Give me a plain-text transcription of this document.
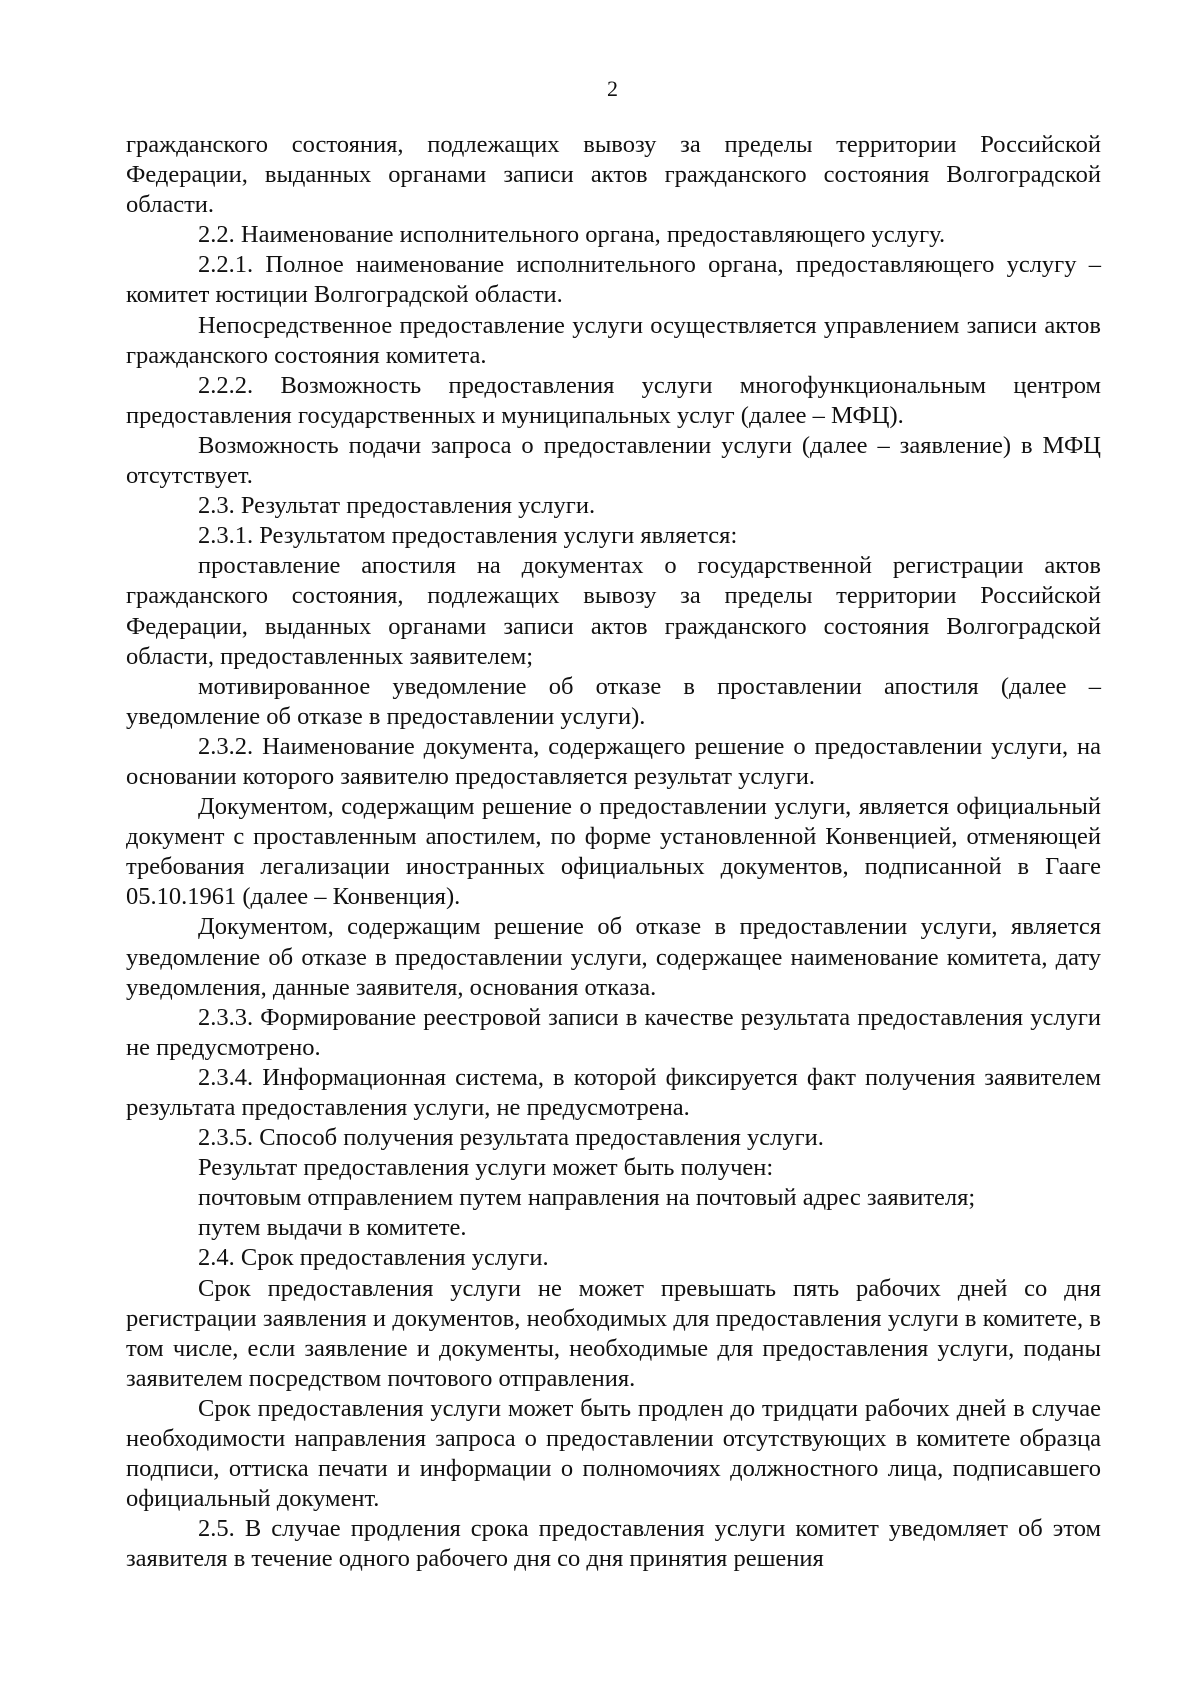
2

гражданского состояния, подлежащих вывозу за пределы территории Российской Федерации, выданных органами записи актов гражданского состояния Волгоградской области.

2.2. Наименование исполнительного органа, предоставляющего услугу.

2.2.1. Полное наименование исполнительного органа, предоставляющего услугу – комитет юстиции Волгоградской области.

Непосредственное предоставление услуги осуществляется управлением записи актов гражданского состояния комитета.

2.2.2. Возможность предоставления услуги многофункциональным центром предоставления государственных и муниципальных услуг (далее – МФЦ).

Возможность подачи запроса о предоставлении услуги (далее – заявление) в МФЦ отсутствует.

2.3. Результат предоставления услуги.

2.3.1. Результатом предоставления услуги является:

проставление апостиля на документах о государственной регистрации актов гражданского состояния, подлежащих вывозу за пределы территории Российской Федерации, выданных органами записи актов гражданского состояния Волгоградской области, предоставленных заявителем;

мотивированное уведомление об отказе в проставлении апостиля (далее – уведомление об отказе в предоставлении услуги).

2.3.2. Наименование документа, содержащего решение о предоставлении услуги, на основании которого заявителю предоставляется результат услуги.

Документом, содержащим решение о предоставлении услуги, является официальный документ с проставленным апостилем, по форме установленной Конвенцией, отменяющей требования легализации иностранных официальных документов, подписанной в Гааге 05.10.1961 (далее – Конвенция).

Документом, содержащим решение об отказе в предоставлении услуги, является уведомление об отказе в предоставлении услуги, содержащее наименование комитета, дату уведомления, данные заявителя, основания отказа.

2.3.3. Формирование реестровой записи в качестве результата предоставления услуги не предусмотрено.

2.3.4. Информационная система, в которой фиксируется факт получения заявителем результата предоставления услуги, не предусмотрена.

2.3.5. Способ получения результата предоставления услуги.

Результат предоставления услуги может быть получен:

почтовым отправлением путем направления на почтовый адрес заявителя;

путем выдачи в комитете.

2.4. Срок предоставления услуги.

Срок предоставления услуги не может превышать пять рабочих дней со дня регистрации заявления и документов, необходимых для предоставления услуги в комитете, в том числе, если заявление и документы, необходимые для предоставления услуги, поданы заявителем посредством почтового отправления.

Срок предоставления услуги может быть продлен до тридцати рабочих дней в случае необходимости направления запроса о предоставлении отсутствующих в комитете образца подписи, оттиска печати и информации о полномочиях должностного лица, подписавшего официальный документ.

2.5. В случае продления срока предоставления услуги комитет уведомляет об этом заявителя в течение одного рабочего дня со дня принятия решения
